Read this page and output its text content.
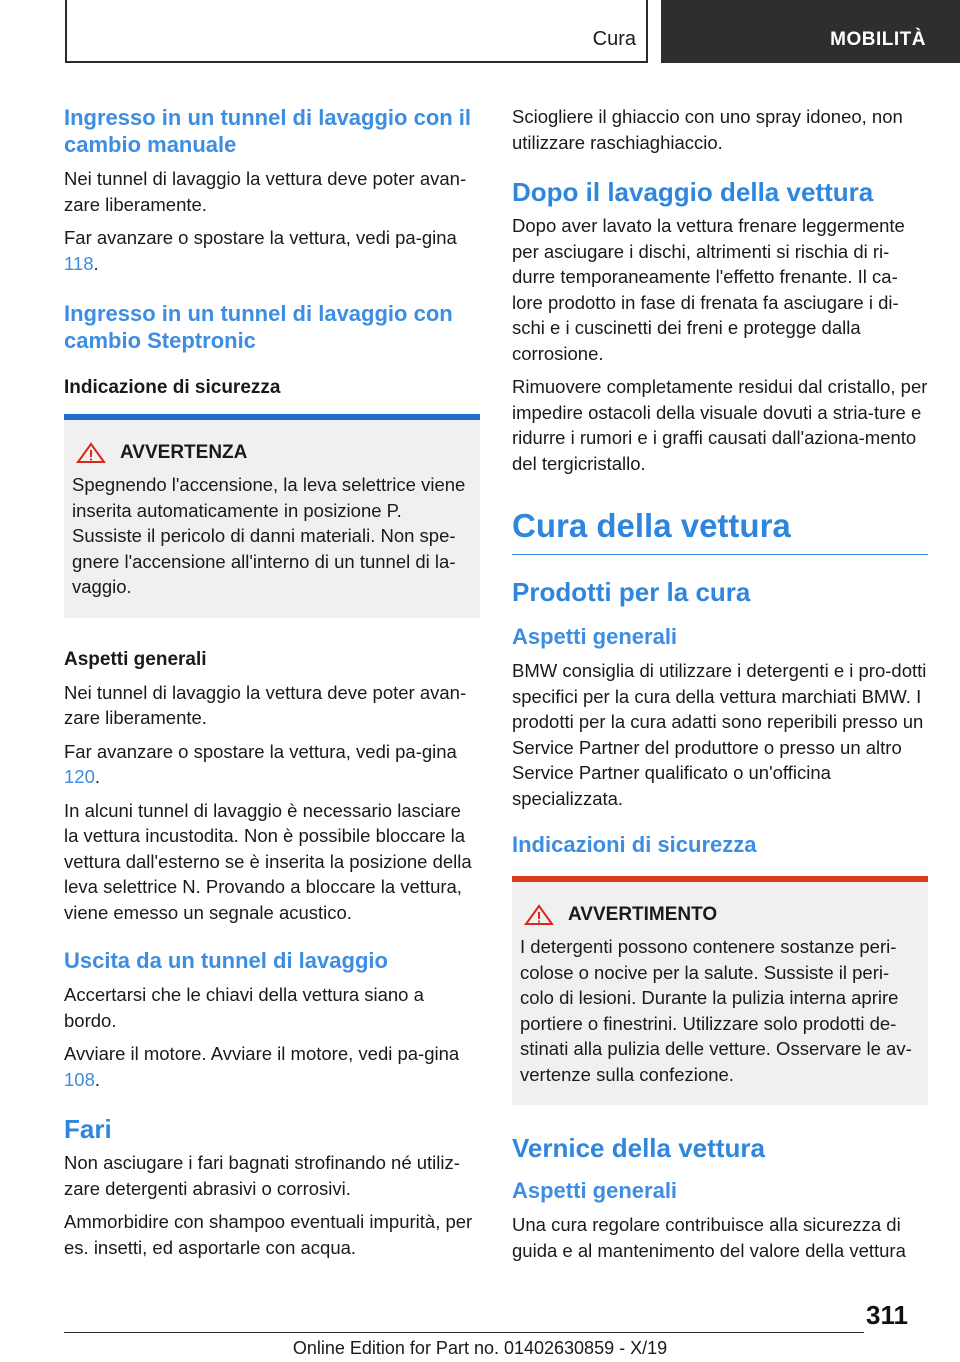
Cura	MOBILITÀ
Ingresso in un tunnel di lavaggio con il cambio manuale

Nei tunnel di lavaggio la vettura deve poter avan-zare liberamente.

Far avanzare o spostare la vettura, vedi pa-gina 118.

Ingresso in un tunnel di lavaggio con cambio Steptronic
Indicazione di sicurezza
AVVERTENZA

Spegnendo l'accensione, la leva selettrice viene inserita automaticamente in posizione P. Sussiste il pericolo di danni materiali. Non spe-gnere l'accensione all'interno di un tunnel di la-vaggio.

Aspetti generali

Nei tunnel di lavaggio la vettura deve poter avan-zare liberamente.

Far avanzare o spostare la vettura, vedi pa-gina 120.

In alcuni tunnel di lavaggio è necessario lasciare la vettura incustodita. Non è possibile bloccare la vettura dall'esterno se è inserita la posizione della leva selettrice N. Provando a bloccare la vettura, viene emesso un segnale acustico.

Uscita da un tunnel di lavaggio

Accertarsi che le chiavi della vettura siano a bordo.

Avviare il motore. Avviare il motore, vedi pa-gina 108.

Fari

Non asciugare i fari bagnati strofinando né utiliz-zare detergenti abrasivi o corrosivi.

Ammorbidire con shampoo eventuali impurità, per es. insetti, ed asportarle con acqua.

Sciogliere il ghiaccio con uno spray idoneo, non utilizzare raschiaghiaccio.

Dopo il lavaggio della vettura

Dopo aver lavato la vettura frenare leggermente per asciugare i dischi, altrimenti si rischia di ri-durre temporaneamente l'effetto frenante. Il ca-lore prodotto in fase di frenata fa asciugare i di-schi e i cuscinetti dei freni e protegge dalla corrosione.

Rimuovere completamente residui dal cristallo, per impedire ostacoli della visuale dovuti a stria-ture e ridurre i rumori e i graffi causati dall'aziona-mento del tergicristallo.

Cura della vettura
Prodotti per la cura
Aspetti generali

BMW consiglia di utilizzare i detergenti e i pro-dotti specifici per la cura della vettura marchiati BMW. I prodotti per la cura adatti sono reperibili presso un Service Partner del produttore o presso un altro Service Partner qualificato o un'officina specializzata.

Indicazioni di sicurezza
AVVERTIMENTO

I detergenti possono contenere sostanze peri-colose o nocive per la salute. Sussiste il peri-colo di lesioni. Durante la pulizia interna aprire portiere o finestrini. Utilizzare solo prodotti de-stinati alla pulizia delle vetture. Osservare le av-vertenze sulla confezione.

Vernice della vettura
Aspetti generali

Una cura regolare contribuisce alla sicurezza di guida e al mantenimento del valore della vettura

311
Online Edition for Part no. 01402630859 - X/19
